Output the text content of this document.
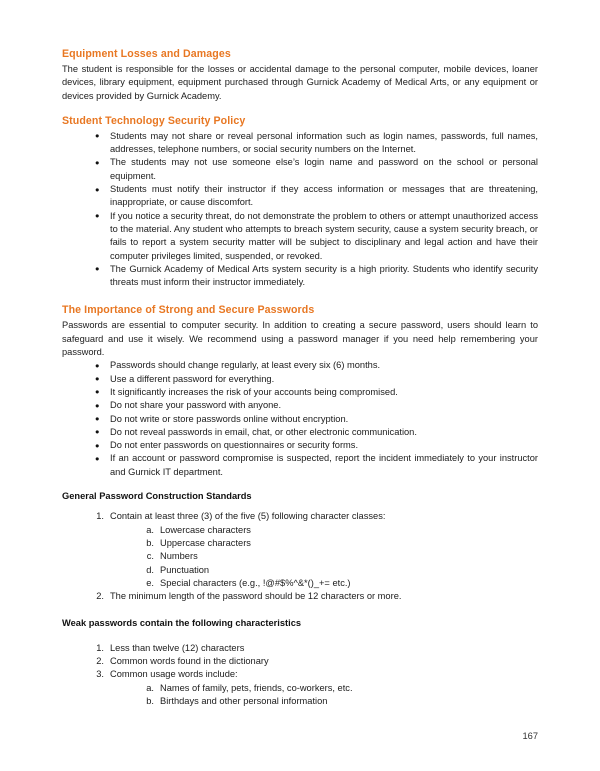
Equipment Losses and Damages

The student is responsible for the losses or accidental damage to the personal computer, mobile devices, loaner devices, library equipment, equipment purchased through Gurnick Academy of Medical Arts, or any equipment or devices provided by Gurnick Academy.

Student Technology Security Policy
● Students may not share or reveal personal information such as login names, passwords, full names, addresses, telephone numbers, or social security numbers on the Internet.
● The students may not use someone else’s login name and password on the school or personal equipment.
● Students must notify their instructor if they access information or messages that are threatening, inappropriate, or cause discomfort.
● If you notice a security threat, do not demonstrate the problem to others or attempt unauthorized access to the material. Any student who attempts to breach system security, cause a system security breach, or fails to report a system security matter will be subject to disciplinary and legal action and have their computer privileges limited, suspended, or revoked.
● The Gurnick Academy of Medical Arts system security is a high priority. Students who identify security threats must inform their instructor immediately.
The Importance of Strong and Secure Passwords

Passwords are essential to computer security. In addition to creating a secure password, users should learn to safeguard and use it wisely. We recommend using a password manager if you need help remembering your password.

● Passwords should change regularly, at least every six (6) months.
● Use a different password for everything.
● It significantly increases the risk of your accounts being compromised.
● Do not share your password with anyone.
● Do not write or store passwords online without encryption.
● Do not reveal passwords in email, chat, or other electronic communication.
● Do not enter passwords on questionnaires or security forms.
● If an account or password compromise is suspected, report the incident immediately to your instructor and Gurnick IT department.
General Password Construction Standards
Contain at least three (3) of the five (5) following character classes:
Lowercase characters
Uppercase characters
Numbers
Punctuation
Special characters (e.g., !@#$%^&*()_+= etc.)
The minimum length of the password should be 12 characters or more.
Weak passwords contain the following characteristics
Less than twelve (12) characters
Common words found in the dictionary
Common usage words include:
Names of family, pets, friends, co-workers, etc.
Birthdays and other personal information
167
